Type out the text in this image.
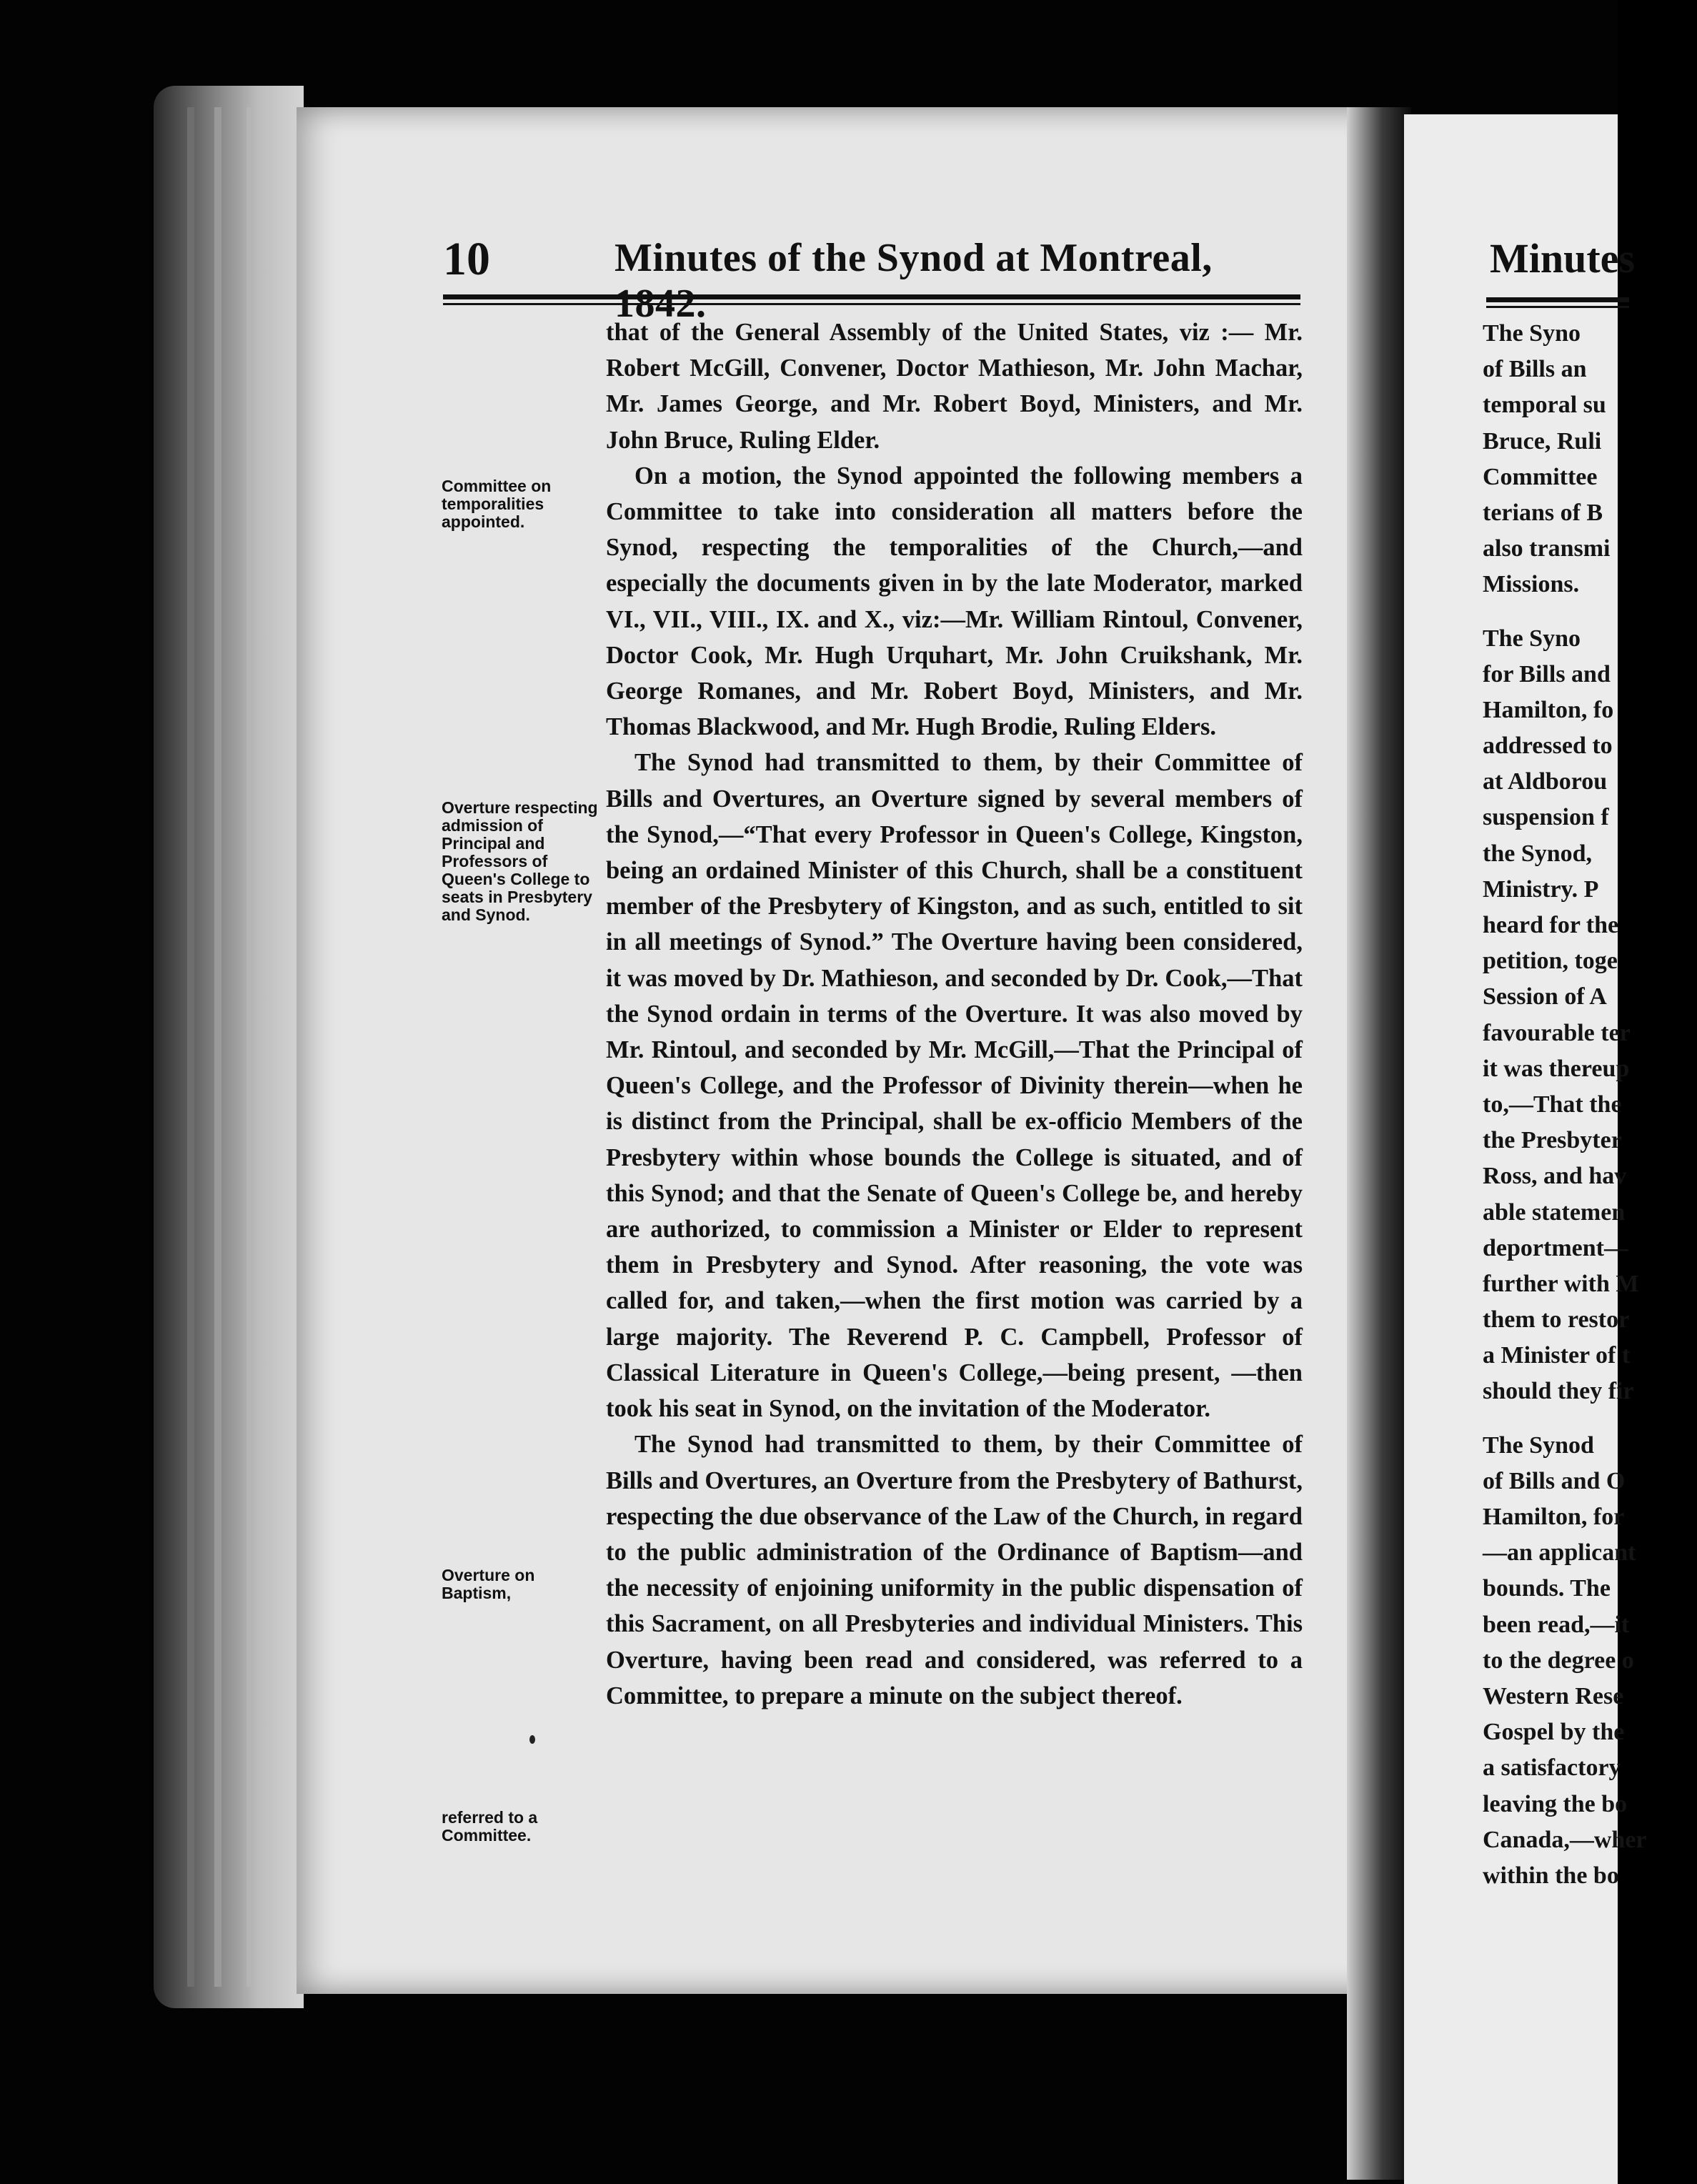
Minutes
The Syno
of Bills an
temporal su
Bruce, Ruli
Committee
terians of B
also transmi
Missions.
The Syno
for Bills and
Hamilton, fo
addressed to
at Aldborou
suspension f
the Synod,
Ministry. P
heard for the
petition, toge
Session of A
favourable ter
it was thereup
to,—That the
the Presbyter
Ross, and hav
able statemen
deportment—
further with M
them to restor
a Minister of t
should they fir
The Synod
of Bills and O
Hamilton, for
—an applicant
bounds. The
been read,—it
to the degree o
Western Rese
Gospel by the
a satisfactory
leaving the bo
Canada,—wher
within the bo
10	Minutes of the Synod at Montreal,
Committee on temporalities appointed.
Overture respecting admission of Principal and Professors of Queen's College to seats in Presbytery and Synod.
Overture on Baptism,
referred to a Committee.

that of the General Assembly of the United States, viz :— Mr. Robert McGill, Convener, Doctor Mathieson, Mr. John Machar, Mr. James George, and Mr. Robert Boyd, Ministers, and Mr. John Bruce, Ruling Elder.

On a motion, the Synod appointed the following members a Committee to take into consideration all matters before the Synod, respecting the temporalities of the Church,—and especially the documents given in by the late Moderator, marked VI., VII., VIII., IX. and X., viz:—Mr. William Rintoul, Convener, Doctor Cook, Mr. Hugh Urquhart, Mr. John Cruikshank, Mr. George Romanes, and Mr. Robert Boyd, Ministers, and Mr. Thomas Blackwood, and Mr. Hugh Brodie, Ruling Elders.

The Synod had transmitted to them, by their Committee of Bills and Overtures, an Overture signed by several members of the Synod,—“That every Professor in Queen's College, Kingston, being an ordained Minister of this Church, shall be a constituent member of the Presbytery of Kingston, and as such, entitled to sit in all meetings of Synod.” The Overture having been considered, it was moved by Dr. Mathieson, and seconded by Dr. Cook,—That the Synod ordain in terms of the Overture. It was also moved by Mr. Rintoul, and seconded by Mr. McGill,—That the Principal of Queen's College, and the Professor of Divinity therein—when he is distinct from the Principal, shall be ex-officio Members of the Presbytery within whose bounds the College is situated, and of this Synod; and that the Senate of Queen's College be, and hereby are authorized, to commission a Minister or Elder to represent them in Presbytery and Synod. After reasoning, the vote was called for, and taken,—when the first motion was carried by a large majority. The Reverend P. C. Campbell, Professor of Classical Literature in Queen's College,—being present, —then took his seat in Synod, on the invitation of the Moderator.

The Synod had transmitted to them, by their Committee of Bills and Overtures, an Overture from the Presbytery of Bathurst, respecting the due observance of the Law of the Church, in regard to the public administration of the Ordinance of Baptism—and the necessity of enjoining uniformity in the public dispensation of this Sacrament, on all Presbyteries and individual Ministers. This Overture, having been read and considered, was referred to a Committee, to prepare a minute on the subject thereof.
